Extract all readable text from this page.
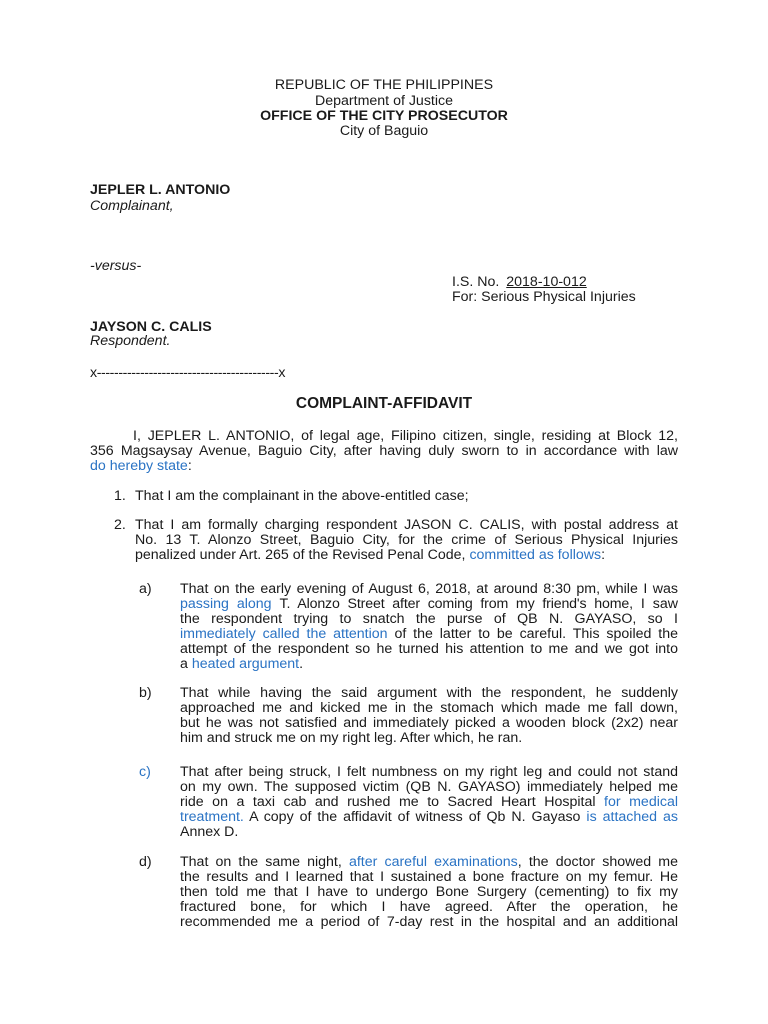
REPUBLIC OF THE PHILIPPINES
Department of Justice
OFFICE OF THE CITY PROSECUTOR
City of Baguio
JEPLER L. ANTONIO
Complainant,
-versus-
I.S. No. 2018-10-012
For: Serious Physical Injuries
JAYSON C. CALIS
Respondent.
x------------------------------------------x
COMPLAINT-AFFIDAVIT
I, JEPLER L. ANTONIO, of legal age, Filipino citizen, single, residing at Block 12,
356 Magsaysay Avenue, Baguio City, after having duly sworn to in accordance with law
do hereby state:
1. That I am the complainant in the above-entitled case;
2. That I am formally charging respondent JASON C. CALIS, with postal address at
No. 13 T. Alonzo Street, Baguio City, for the crime of Serious Physical Injuries
penalized under Art. 265 of the Revised Penal Code, committed as follows:
a) That on the early evening of August 6, 2018, at around 8:30 pm, while I was
passing along T. Alonzo Street after coming from my friend's home, I saw
the respondent trying to snatch the purse of QB N. GAYASO, so I
immediately called the attention of the latter to be careful. This spoiled the
attempt of the respondent so he turned his attention to me and we got into
a heated argument.
b) That while having the said argument with the respondent, he suddenly
approached me and kicked me in the stomach which made me fall down,
but he was not satisfied and immediately picked a wooden block (2x2) near
him and struck me on my right leg. After which, he ran.
c) That after being struck, I felt numbness on my right leg and could not stand
on my own. The supposed victim (QB N. GAYASO) immediately helped me
ride on a taxi cab and rushed me to Sacred Heart Hospital for medical
treatment. A copy of the affidavit of witness of Qb N. Gayaso is attached as
Annex D.
d) That on the same night, after careful examinations, the doctor showed me
the results and I learned that I sustained a bone fracture on my femur. He
then told me that I have to undergo Bone Surgery (cementing) to fix my
fractured bone, for which I have agreed. After the operation, he
recommended me a period of 7-day rest in the hospital and an additional
